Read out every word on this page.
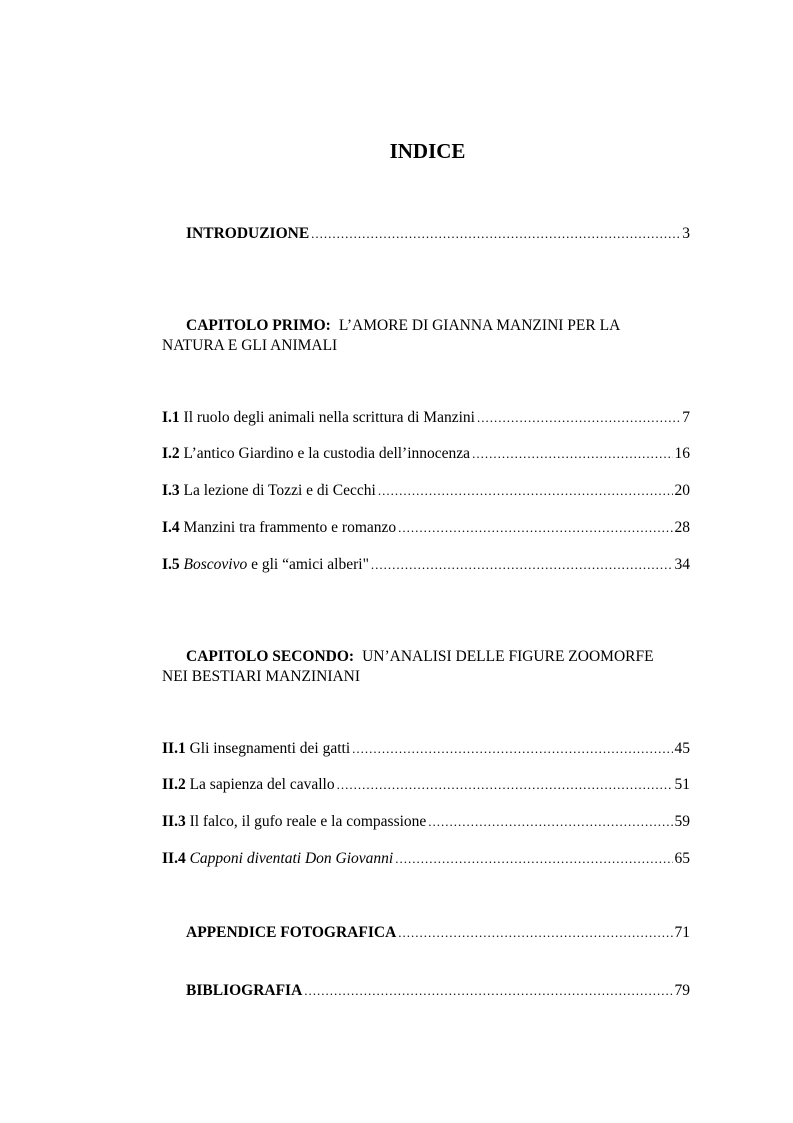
INDICE
INTRODUZIONE .....	3
CAPITOLO PRIMO: L’AMORE DI GIANNA MANZINI PER LA
NATURA E GLI ANIMALI
I.1 Il ruolo degli animali nella scrittura di Manzini .....	7
I.2 L’antico Giardino e la custodia dell’innocenza .....	16
I.3 La lezione di Tozzi e di Cecchi .....	20
I.4 Manzini tra frammento e romanzo .....	28
I.5 Boscovivo e gli “amici alberi" .....	34
CAPITOLO SECONDO: UN’ANALISI DELLE FIGURE ZOOMORFE
NEI BESTIARI MANZINIANI
II.1 Gli insegnamenti dei gatti .....	45
II.2 La sapienza del cavallo .....	51
II.3 Il falco, il gufo reale e la compassione .....	59
II.4 Capponi diventati Don Giovanni .....	65
APPENDICE FOTOGRAFICA .....	71
BIBLIOGRAFIA .....	79
